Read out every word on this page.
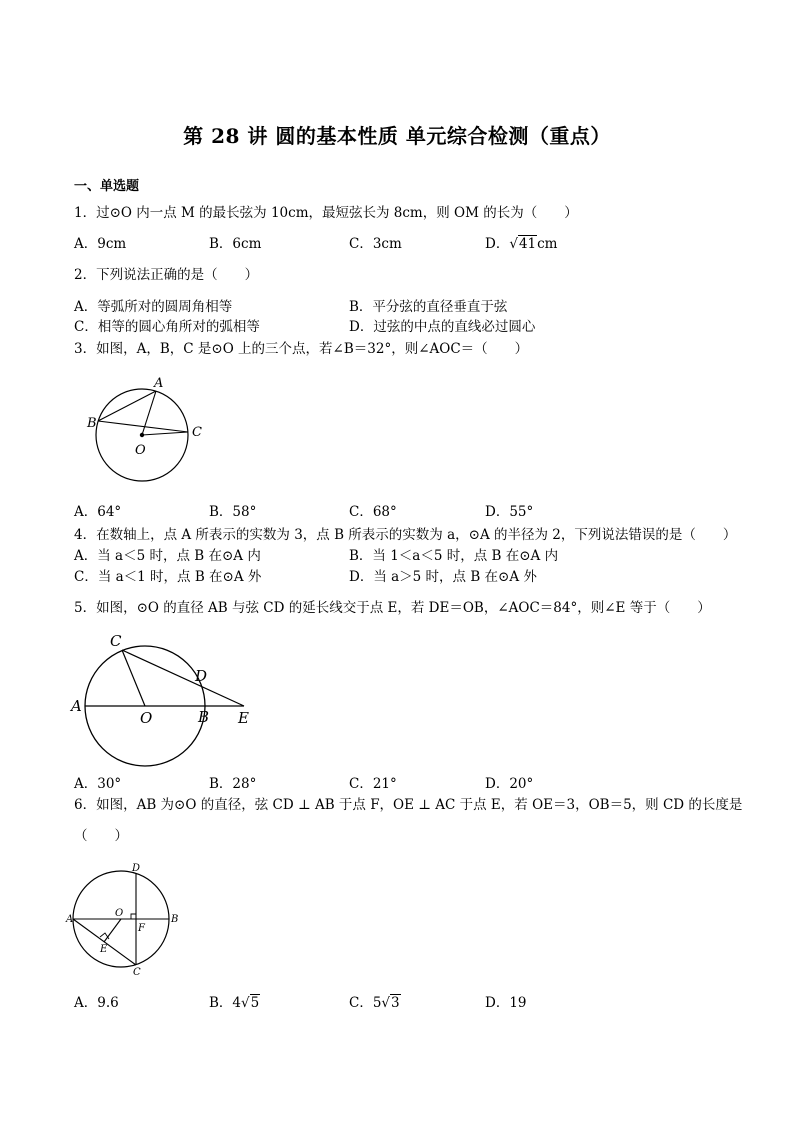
第 28 讲 圆的基本性质 单元综合检测（重点）
一、单选题
1．过⊙O 内一点 M 的最长弦为 10cm，最短弦长为 8cm，则 OM 的长为（　　）
A．9cm	B．6cm	C．3cm	D．√41cm
2．下列说法正确的是（　　）
A．等弧所对的圆周角相等	B．平分弦的直径垂直于弦
C．相等的圆心角所对的弧相等	D．过弦的中点的直线必过圆心
3．如图，A，B，C 是⊙O 上的三个点，若∠B＝32°，则∠AOC＝（　　）
A
B
C
O
A．64°	B．58°	C．68°	D．55°
4．在数轴上，点 A 所表示的实数为 3，点 B 所表示的实数为 a，⊙A 的半径为 2，下列说法错误的是（　　）
A．当 a＜5 时，点 B 在⊙A 内	B．当 1＜a＜5 时，点 B 在⊙A 内
C．当 a＜1 时，点 B 在⊙A 外	D．当 a＞5 时，点 B 在⊙A 外
5．如图，⊙O 的直径 AB 与弦 CD 的延长线交于点 E，若 DE＝OB，∠AOC＝84°，则∠E 等于（　　）
C
D
A
O	B E
A．30°	B．28°	C．21°	D．20°
6．如图，AB 为⊙O 的直径，弦 CD ⊥ AB 于点 F，OE ⊥ AC 于点 E，若 OE＝3，OB＝5，则 CD 的长度是
（　　）
D
A
O
F
B
E
C
A．9.6	B．4√5	C．5√3	D．19
